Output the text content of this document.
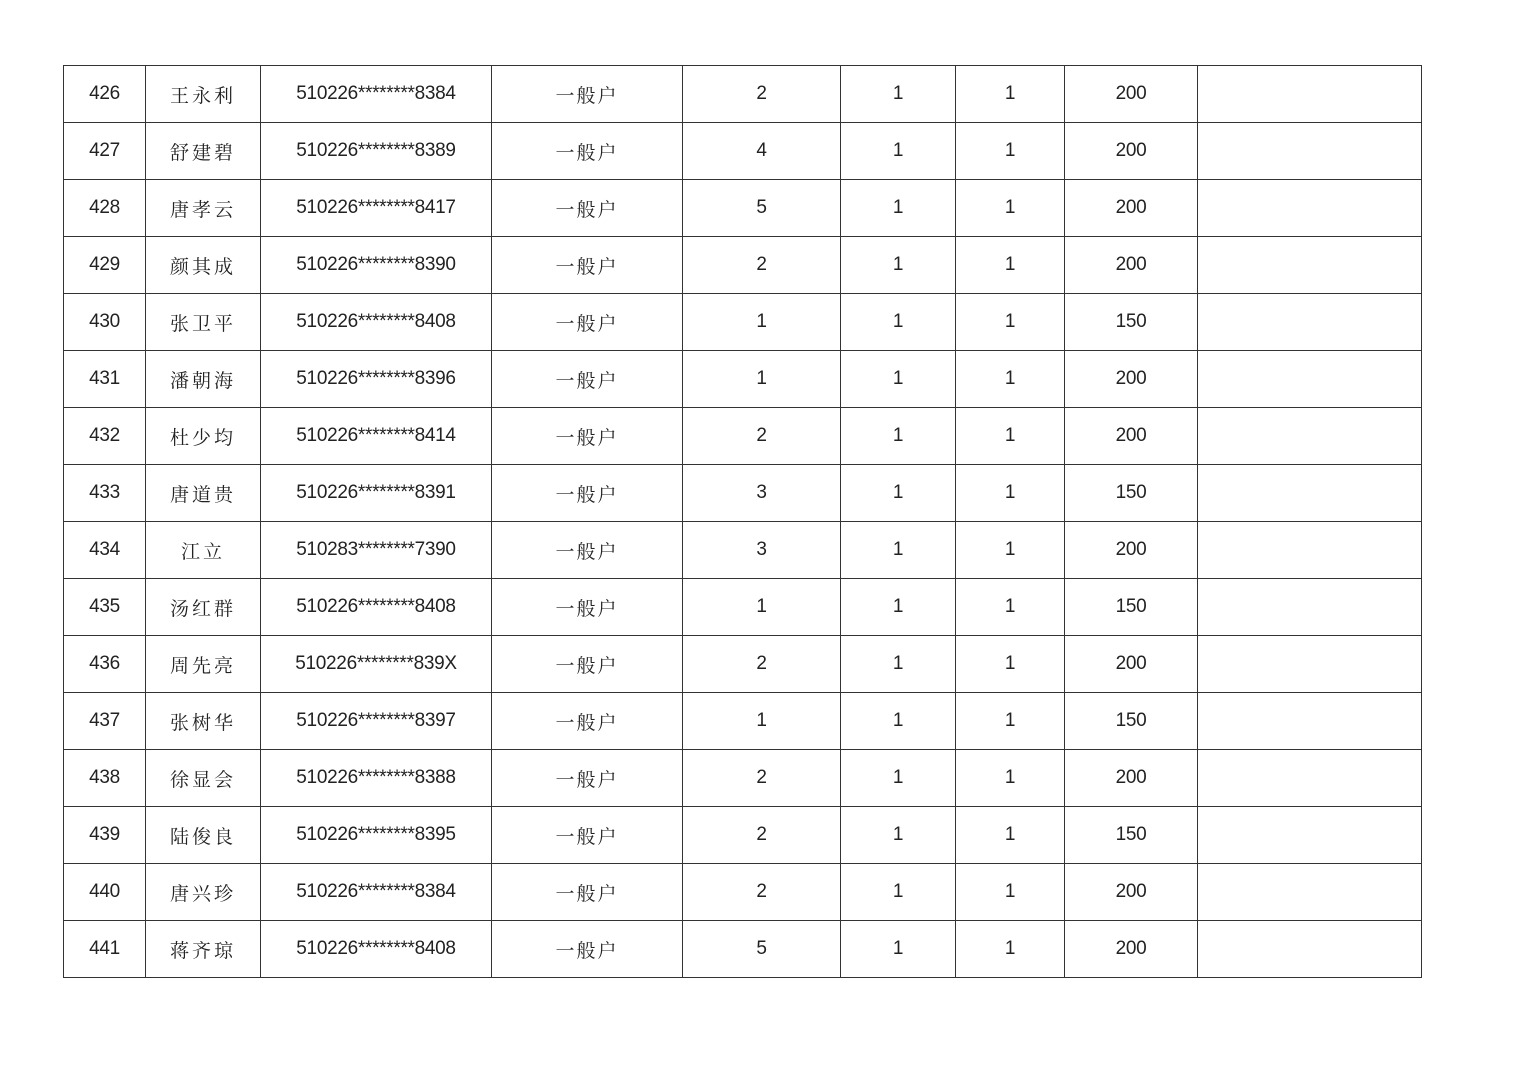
426	王永利	510226********8384	一般户	2	1	1	200	
427	舒建碧	510226********8389	一般户	4	1	1	200	
428	唐孝云	510226********8417	一般户	5	1	1	200	
429	颜其成	510226********8390	一般户	2	1	1	200	
430	张卫平	510226********8408	一般户	1	1	1	150	
431	潘朝海	510226********8396	一般户	1	1	1	200	
432	杜少均	510226********8414	一般户	2	1	1	200	
433	唐道贵	510226********8391	一般户	3	1	1	150	
434	江立	510283********7390	一般户	3	1	1	200	
435	汤红群	510226********8408	一般户	1	1	1	150	
436	周先亮	510226********839X	一般户	2	1	1	200	
437	张树华	510226********8397	一般户	1	1	1	150	
438	徐显会	510226********8388	一般户	2	1	1	200	
439	陆俊良	510226********8395	一般户	2	1	1	150	
440	唐兴珍	510226********8384	一般户	2	1	1	200	
441	蒋齐琼	510226********8408	一般户	5	1	1	200	
